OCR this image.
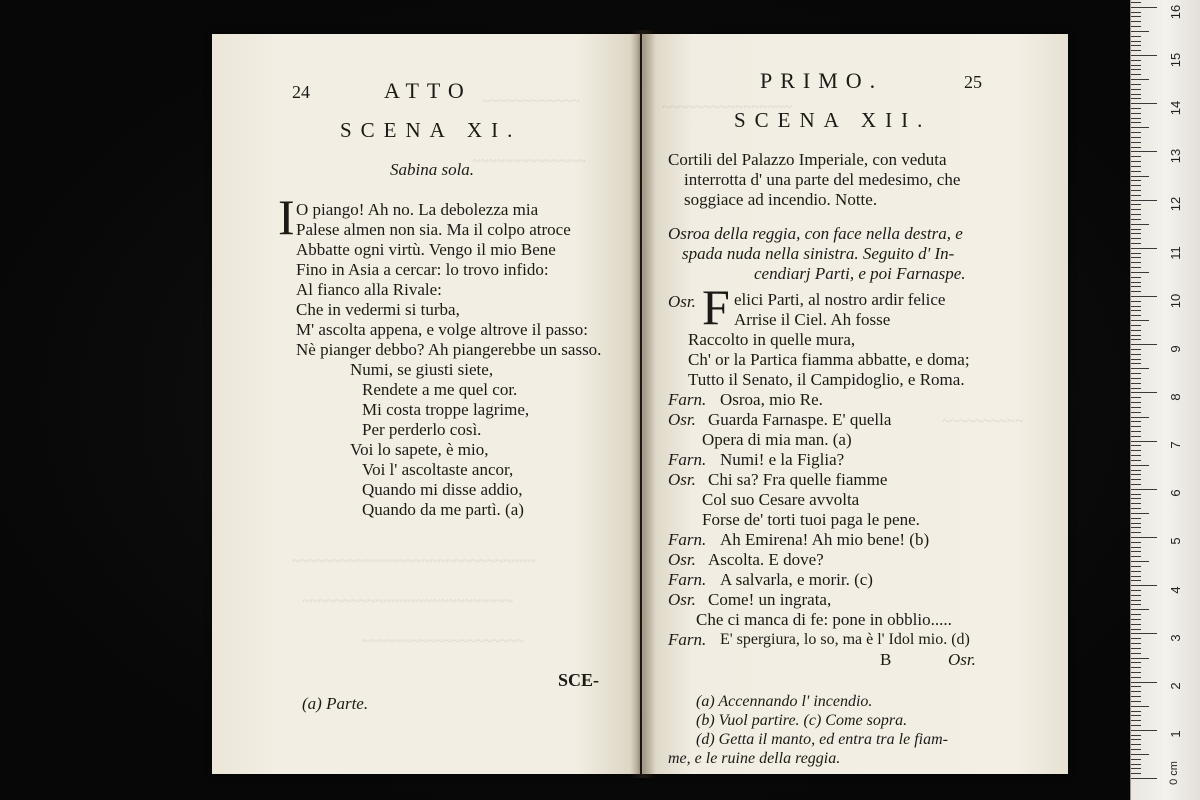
16
15
14
13
12
11
10
9
8
7
6
5
4
3
2
1
0 cm
~~~~~~~~~~~~
~~~~~~~~~~~~~~
24	ATTO
SCENA XI.
Sabina sola.
I O piango! Ah no. La debolezza mia
Palese almen non sia. Ma il colpo atroce
Abbatte ogni virtù. Vengo il mio Bene
Fino in Asia a cercar: lo trovo infido:
Al fianco alla Rivale:
Che in vedermi si turba,
M' ascolta appena, e volge altrove il passo:
Nè pianger debbo? Ah piangerebbe un sasso.
Numi, se giusti siete,
Rendete a me quel cor.
Mi costa troppe lagrime,
Per perderlo così.
Voi lo sapete, è mio,
Voi l' ascoltaste ancor,
Quando mi disse addio,
Quando da me partì. (a)
~~~~~~~~~~~~~~~~~~~~~~~~~~~~~~
~~~~~~~~~~~~~~~~~~~~~~~~~~
~~~~~~~~~~~~~~~~~~~~
SCE-
(a) Parte.
~~~~~~~~~~~~~~~~
~~~~~~~~~~
PRIMO.	25
SCENA XII.
Cortili del Palazzo Imperiale, con veduta
interrotta d' una parte del medesimo, che
soggiace ad incendio. Notte.
Osroa della reggia, con face nella destra, e
spada nuda nella sinistra. Seguito d' In-
cendiarj Parti, e poi Farnaspe.
Osr. F elici Parti, al nostro ardir felice
Arrise il Ciel. Ah fosse
Raccolto in quelle mura,
Ch' or la Partica fiamma abbatte, e doma;
Tutto il Senato, il Campidoglio, e Roma.
Farn. Osroa, mio Re.
Osr. Guarda Farnaspe. E' quella
Opera di mia man. (a)
Farn. Numi! e la Figlia?
Osr. Chi sa? Fra quelle fiamme
Col suo Cesare avvolta
Forse de' torti tuoi paga le pene.
Farn. Ah Emirena! Ah mio bene! (b)
Osr. Ascolta. E dove?
Farn. A salvarla, e morir. (c)
Osr. Come! un ingrata,
Che ci manca di fe: pone in obblio.....
Farn. E' spergiura, lo so, ma è l' Idol mio. (d)
B	Osr.
(a) Accennando l' incendio.
(b) Vuol partire. (c) Come sopra.
(d) Getta il manto, ed entra tra le fiam-
me, e le ruine della reggia.
